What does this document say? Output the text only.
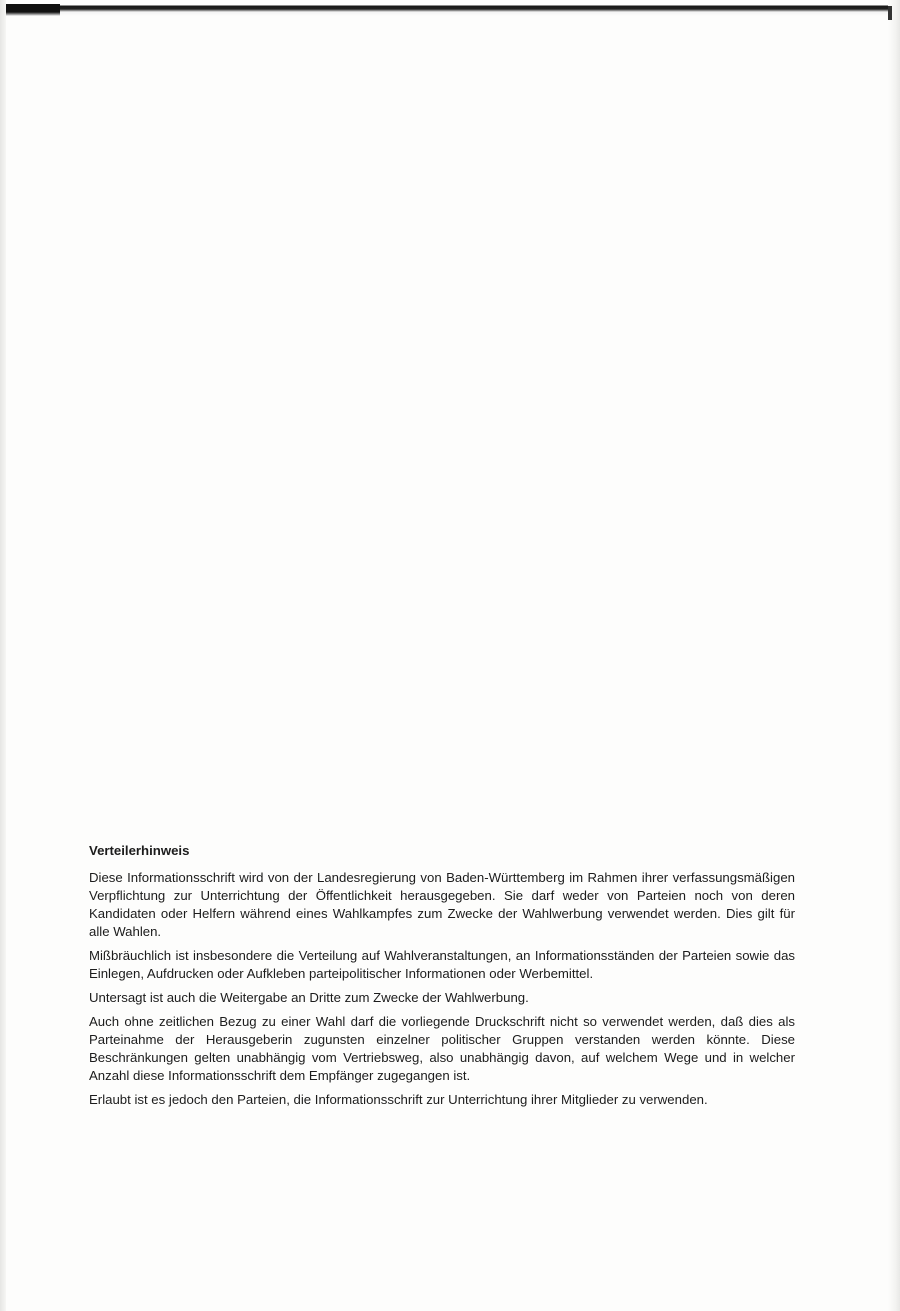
Verteilerhinweis

Diese Informationsschrift wird von der Landesregierung von Baden-Württemberg im Rahmen ihrer verfassungsmäßigen Verpflichtung zur Unterrichtung der Öffentlichkeit herausgegeben. Sie darf weder von Parteien noch von deren Kandidaten oder Helfern während eines Wahlkampfes zum Zwecke der Wahlwerbung verwendet werden. Dies gilt für alle Wahlen.

Mißbräuchlich ist insbesondere die Verteilung auf Wahlveranstaltungen, an Informationsständen der Parteien sowie das Einlegen, Aufdrucken oder Aufkleben parteipolitischer Informationen oder Werbemittel.

Untersagt ist auch die Weitergabe an Dritte zum Zwecke der Wahlwerbung.

Auch ohne zeitlichen Bezug zu einer Wahl darf die vorliegende Druckschrift nicht so verwendet werden, daß dies als Parteinahme der Herausgeberin zugunsten einzelner politischer Gruppen verstanden werden könnte. Diese Beschränkungen gelten unabhängig vom Vertriebsweg, also unabhängig davon, auf welchem Wege und in welcher Anzahl diese Informationsschrift dem Empfänger zugegangen ist.

Erlaubt ist es jedoch den Parteien, die Informationsschrift zur Unterrichtung ihrer Mitglieder zu verwenden.
